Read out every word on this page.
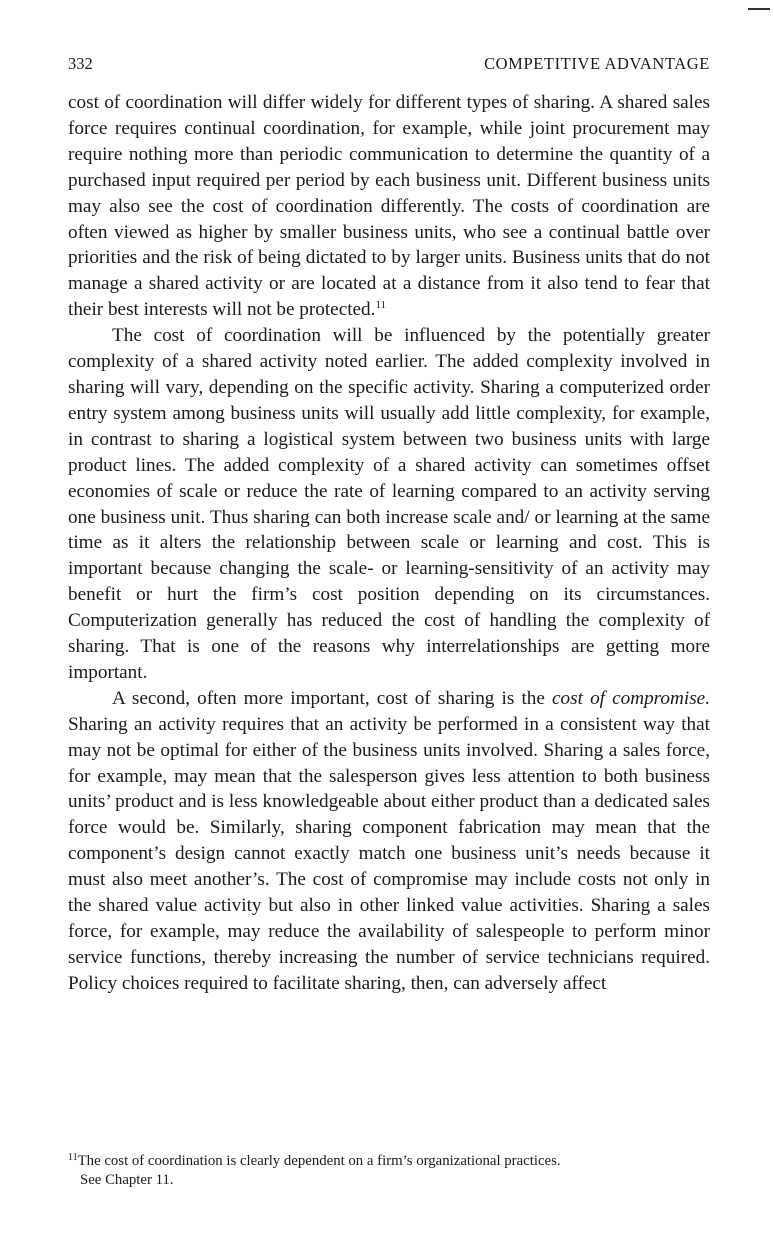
332	COMPETITIVE ADVANTAGE

cost of coordination will differ widely for different types of sharing. A shared sales force requires continual coordination, for example, while joint procurement may require nothing more than periodic communication to determine the quantity of a purchased input required per period by each business unit. Different business units may also see the cost of coordination differently. The costs of coordination are often viewed as higher by smaller business units, who see a continual battle over priorities and the risk of being dictated to by larger units. Business units that do not manage a shared activity or are located at a distance from it also tend to fear that their best interests will not be protected.$^{11}$

The cost of coordination will be influenced by the potentially greater complexity of a shared activity noted earlier. The added complexity involved in sharing will vary, depending on the specific activity. Sharing a computerized order entry system among business units will usually add little complexity, for example, in contrast to sharing a logistical system between two business units with large product lines. The added complexity of a shared activity can sometimes offset economies of scale or reduce the rate of learning compared to an activity serving one business unit. Thus sharing can both increase scale and/ or learning at the same time as it alters the relationship between scale or learning and cost. This is important because changing the scale- or learning-sensitivity of an activity may benefit or hurt the firm’s cost position depending on its circumstances. Computerization generally has reduced the cost of handling the complexity of sharing. That is one of the reasons why interrelationships are getting more important.

A second, often more important, cost of sharing is the cost of compromise. Sharing an activity requires that an activity be performed in a consistent way that may not be optimal for either of the business units involved. Sharing a sales force, for example, may mean that the salesperson gives less attention to both business units’ product and is less knowledgeable about either product than a dedicated sales force would be. Similarly, sharing component fabrication may mean that the component’s design cannot exactly match one business unit’s needs because it must also meet another’s. The cost of compromise may include costs not only in the shared value activity but also in other linked value activities. Sharing a sales force, for example, may reduce the availability of salespeople to perform minor service functions, thereby increasing the number of service technicians required. Policy choices required to facilitate sharing, then, can adversely affect

$^{11}$The cost of coordination is clearly dependent on a firm’s organizational practices.

See Chapter 11.
